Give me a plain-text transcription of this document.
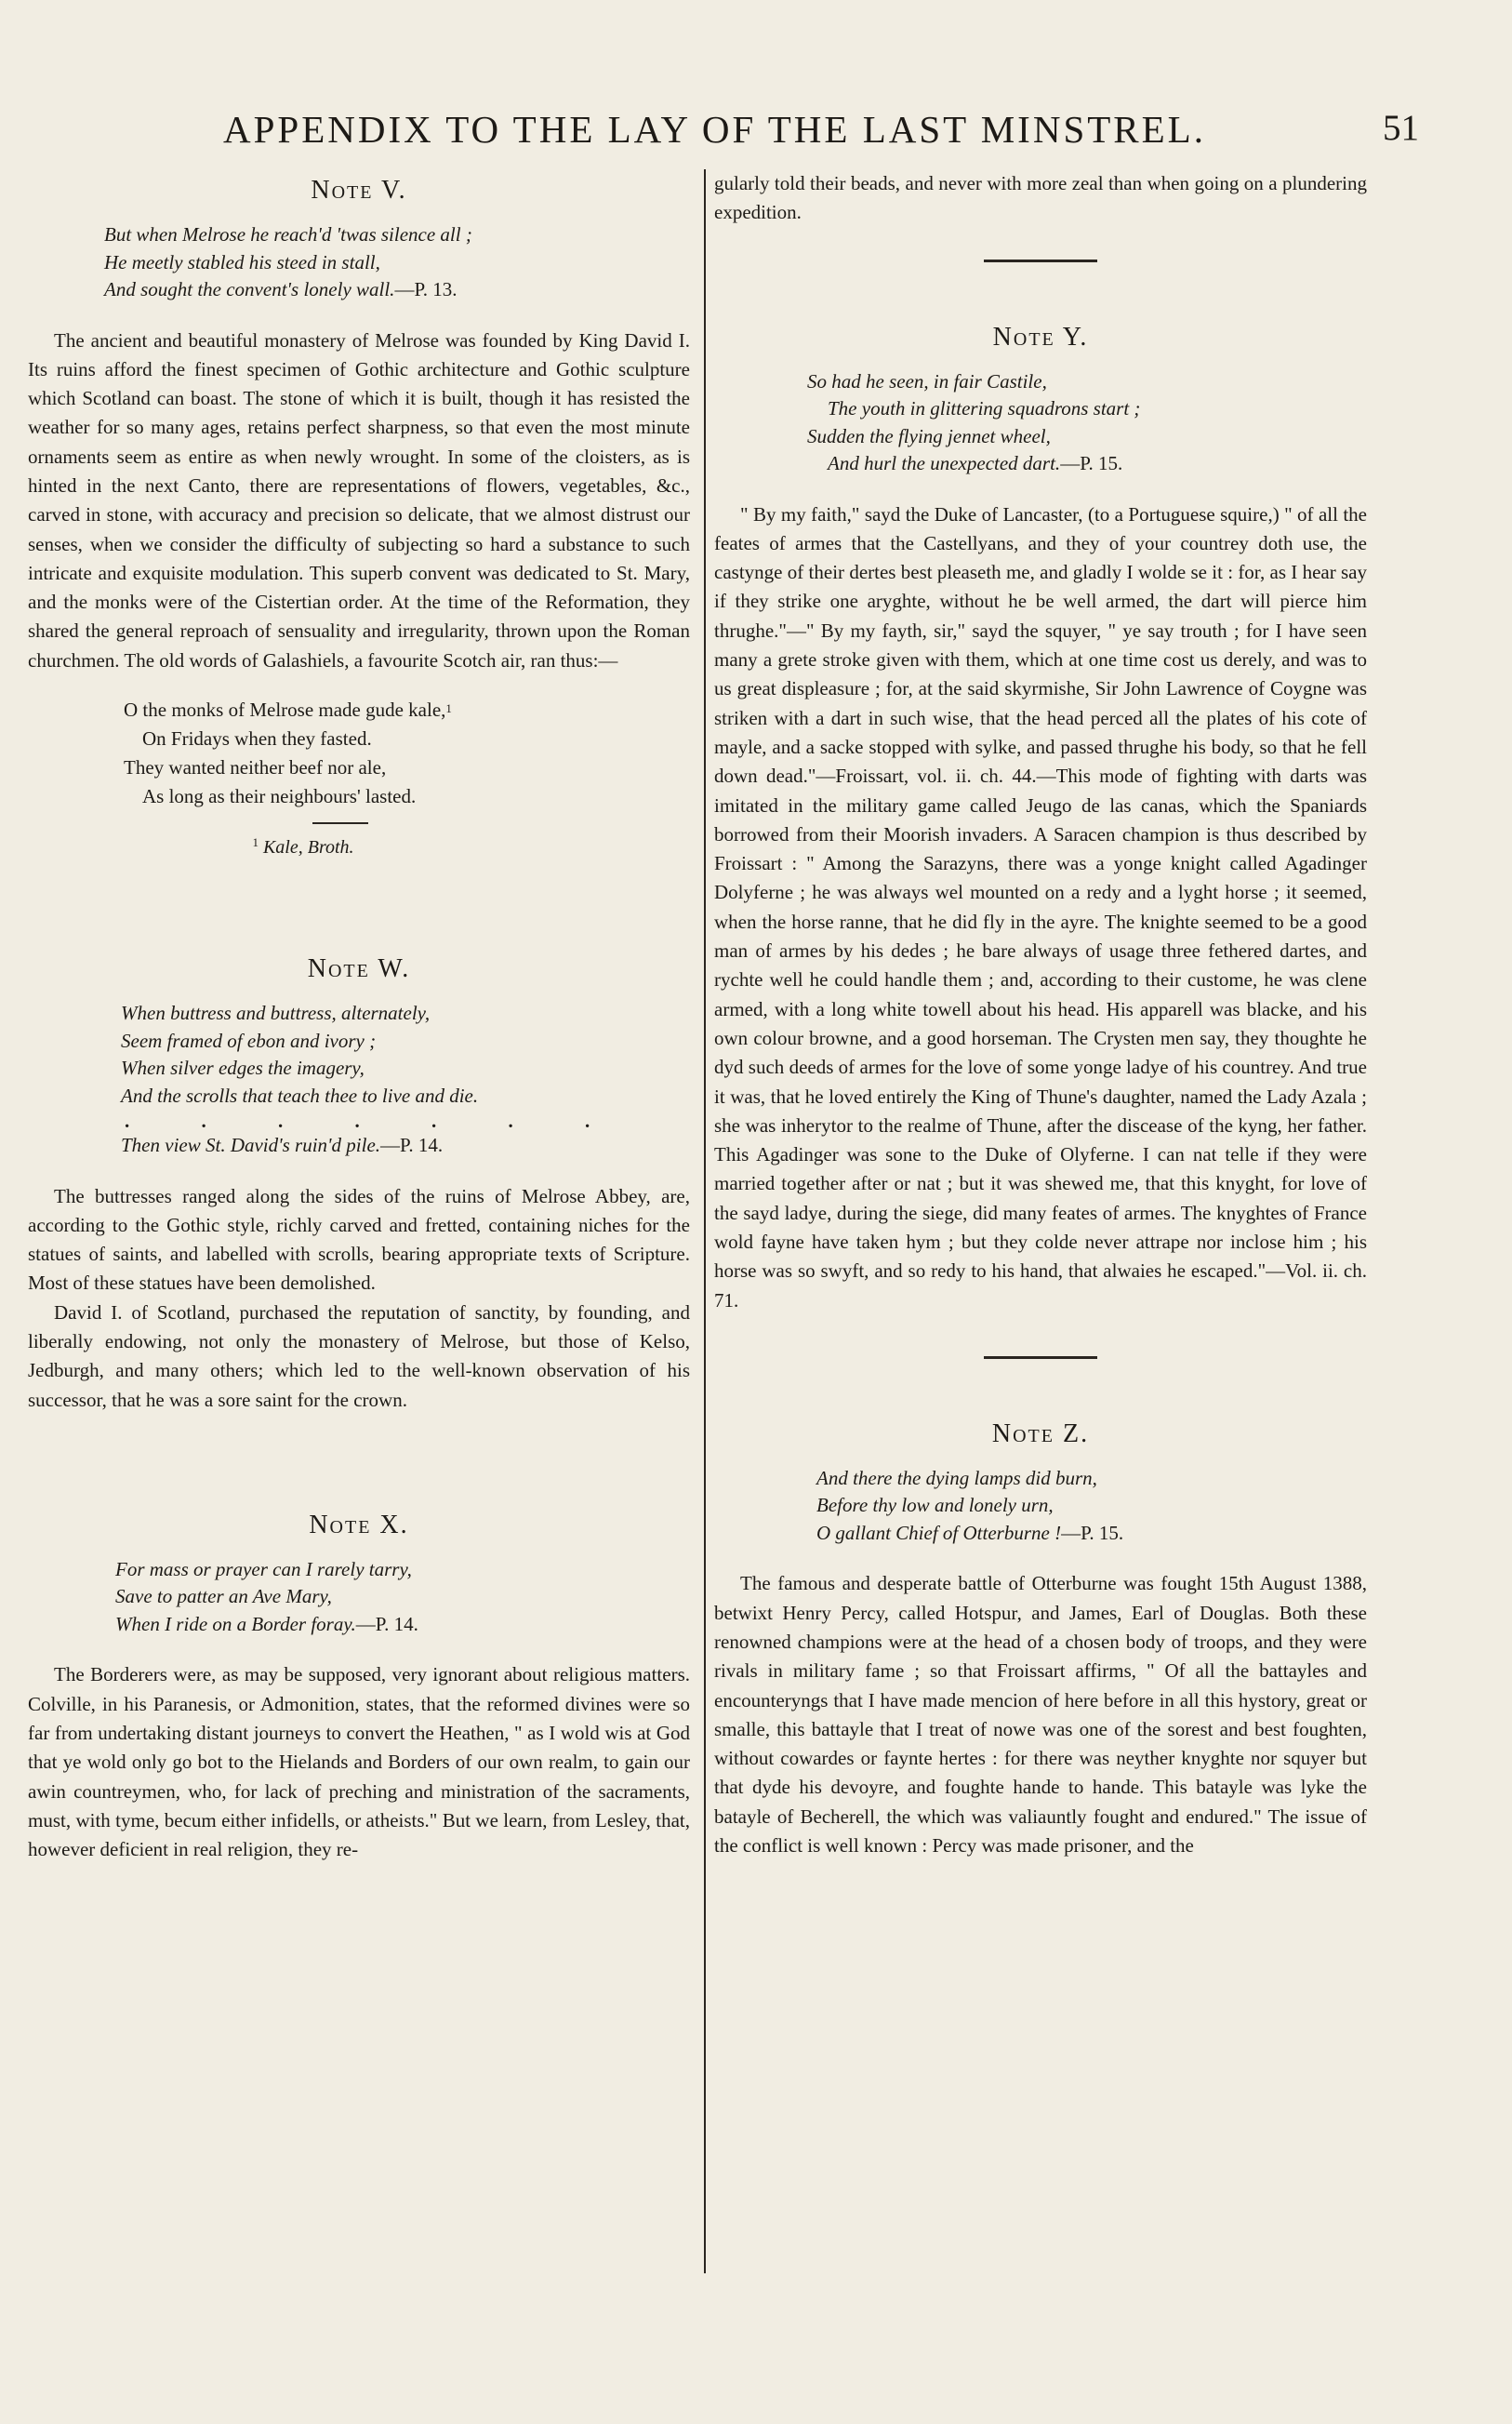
APPENDIX TO THE LAY OF THE LAST MINSTREL.	51
Note V.
But when Melrose he reach'd 'twas silence all ;
He meetly stabled his steed in stall,
And sought the convent's lonely wall.—P. 13.

The ancient and beautiful monastery of Melrose was founded by King David I. Its ruins afford the finest specimen of Gothic architecture and Gothic sculpture which Scotland can boast. The stone of which it is built, though it has resisted the weather for so many ages, retains perfect sharpness, so that even the most minute ornaments seem as entire as when newly wrought. In some of the cloisters, as is hinted in the next Canto, there are representations of flowers, vegetables, &c., carved in stone, with accuracy and precision so delicate, that we almost distrust our senses, when we consider the difficulty of subjecting so hard a substance to such intricate and exquisite modulation. This superb convent was dedicated to St. Mary, and the monks were of the Cistertian order. At the time of the Reformation, they shared the general reproach of sensuality and irregularity, thrown upon the Roman churchmen. The old words of Galashiels, a favourite Scotch air, ran thus:—

O the monks of Melrose made gude kale,$^1$
On Fridays when they fasted.
They wanted neither beef nor ale,
As long as their neighbours' lasted.
$^1$ Kale, Broth.
Note W.
When buttress and buttress, alternately,
Seem framed of ebon and ivory ;
When silver edges the imagery,
And the scrolls that teach thee to live and die.
. . . . . . .
Then view St. David's ruin'd pile.—P. 14.

The buttresses ranged along the sides of the ruins of Melrose Abbey, are, according to the Gothic style, richly carved and fretted, containing niches for the statues of saints, and labelled with scrolls, bearing appropriate texts of Scripture. Most of these statues have been demolished.

David I. of Scotland, purchased the reputation of sanctity, by founding, and liberally endowing, not only the monastery of Melrose, but those of Kelso, Jedburgh, and many others; which led to the well-known observation of his successor, that he was a sore saint for the crown.

Note X.
For mass or prayer can I rarely tarry,
Save to patter an Ave Mary,
When I ride on a Border foray.—P. 14.

The Borderers were, as may be supposed, very ignorant about religious matters. Colville, in his Paranesis, or Admonition, states, that the reformed divines were so far from undertaking distant journeys to convert the Heathen, " as I wold wis at God that ye wold only go bot to the Hielands and Borders of our own realm, to gain our awin countreymen, who, for lack of preching and ministration of the sacraments, must, with tyme, becum either infidells, or atheists." But we learn, from Lesley, that, however deficient in real religion, they re-

gularly told their beads, and never with more zeal than when going on a plundering expedition.

Note Y.
So had he seen, in fair Castile,
The youth in glittering squadrons start ;
Sudden the flying jennet wheel,
And hurl the unexpected dart.—P. 15.

" By my faith," sayd the Duke of Lancaster, (to a Portuguese squire,) " of all the feates of armes that the Castellyans, and they of your countrey doth use, the castynge of their dertes best pleaseth me, and gladly I wolde se it : for, as I hear say if they strike one aryghte, without he be well armed, the dart will pierce him thrughe."—" By my fayth, sir," sayd the squyer, " ye say trouth ; for I have seen many a grete stroke given with them, which at one time cost us derely, and was to us great displeasure ; for, at the said skyrmishe, Sir John Lawrence of Coygne was striken with a dart in such wise, that the head perced all the plates of his cote of mayle, and a sacke stopped with sylke, and passed thrughe his body, so that he fell down dead."—Froissart, vol. ii. ch. 44.—This mode of fighting with darts was imitated in the military game called Jeugo de las canas, which the Spaniards borrowed from their Moorish invaders. A Saracen champion is thus described by Froissart : " Among the Sarazyns, there was a yonge knight called Agadinger Dolyferne ; he was always wel mounted on a redy and a lyght horse ; it seemed, when the horse ranne, that he did fly in the ayre. The knighte seemed to be a good man of armes by his dedes ; he bare always of usage three fethered dartes, and rychte well he could handle them ; and, according to their custome, he was clene armed, with a long white towell about his head. His apparell was blacke, and his own colour browne, and a good horseman. The Crysten men say, they thoughte he dyd such deeds of armes for the love of some yonge ladye of his countrey. And true it was, that he loved entirely the King of Thune's daughter, named the Lady Azala ; she was inherytor to the realme of Thune, after the discease of the kyng, her father. This Agadinger was sone to the Duke of Olyferne. I can nat telle if they were married together after or nat ; but it was shewed me, that this knyght, for love of the sayd ladye, during the siege, did many feates of armes. The knyghtes of France wold fayne have taken hym ; but they colde never attrape nor inclose him ; his horse was so swyft, and so redy to his hand, that alwaies he escaped."—Vol. ii. ch. 71.

Note Z.
And there the dying lamps did burn,
Before thy low and lonely urn,
O gallant Chief of Otterburne !—P. 15.

The famous and desperate battle of Otterburne was fought 15th August 1388, betwixt Henry Percy, called Hotspur, and James, Earl of Douglas. Both these renowned champions were at the head of a chosen body of troops, and they were rivals in military fame ; so that Froissart affirms, " Of all the battayles and encounteryngs that I have made mencion of here before in all this hystory, great or smalle, this battayle that I treat of nowe was one of the sorest and best foughten, without cowardes or faynte hertes : for there was neyther knyghte nor squyer but that dyde his devoyre, and foughte hande to hande. This batayle was lyke the batayle of Becherell, the which was valiauntly fought and endured." The issue of the conflict is well known : Percy was made prisoner, and the
